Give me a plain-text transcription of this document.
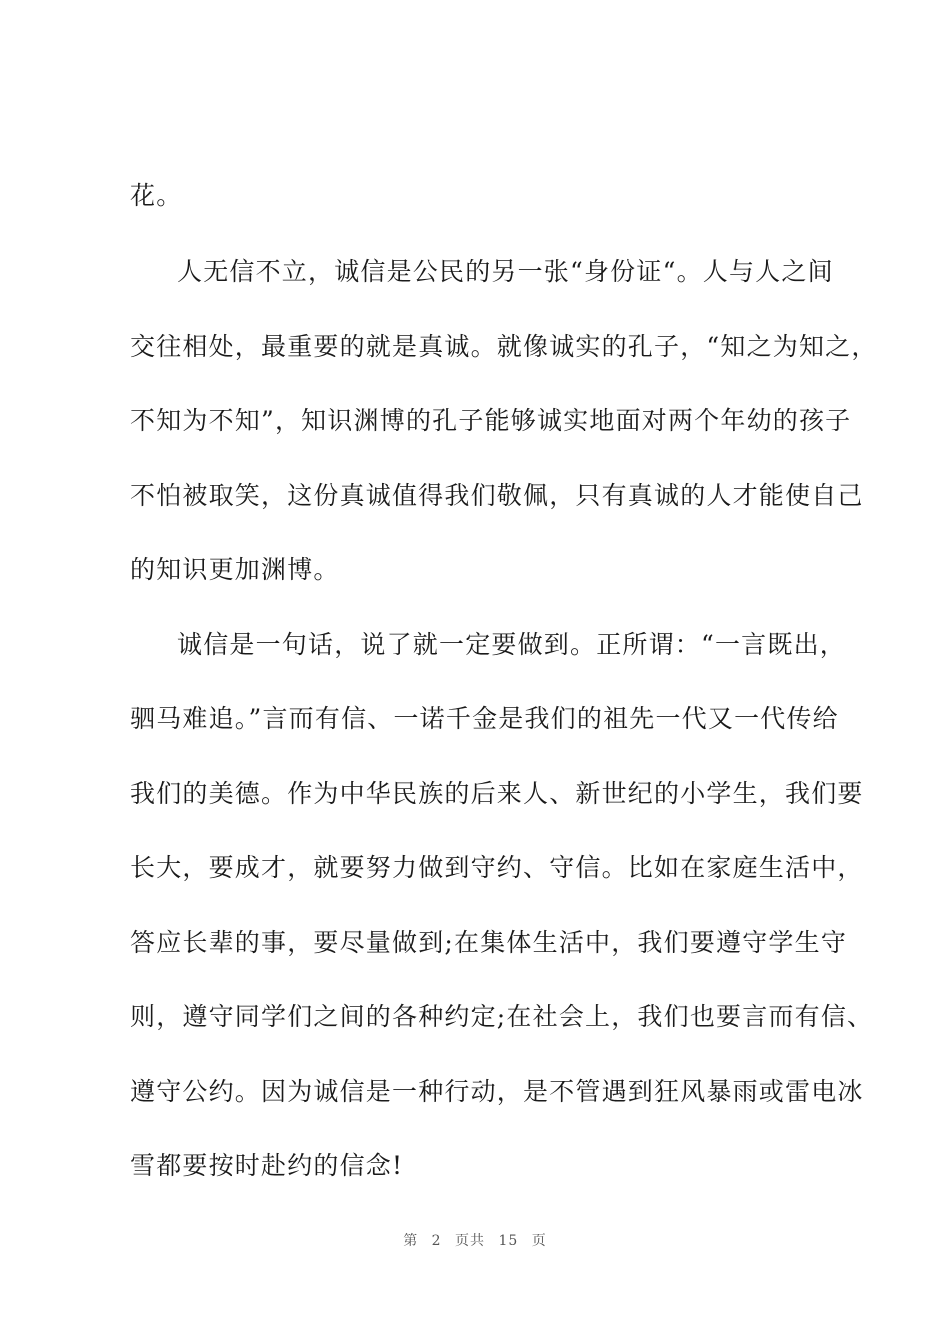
花。
人无信不立，诚信是公民的另一张“身份证“。人与人之间
交往相处，最重要的就是真诚。就像诚实的孔子，“知之为知之，
不知为不知”，知识渊博的孔子能够诚实地面对两个年幼的孩子
不怕被取笑，这份真诚值得我们敬佩，只有真诚的人才能使自己
的知识更加渊博。
诚信是一句话，说了就一定要做到。正所谓：“一言既出，
驷马难追。”言而有信、一诺千金是我们的祖先一代又一代传给
我们的美德。作为中华民族的后来人、新世纪的小学生，我们要
长大，要成才，就要努力做到守约、守信。比如在家庭生活中，
答应长辈的事，要尽量做到;在集体生活中，我们要遵守学生守
则，遵守同学们之间的各种约定;在社会上，我们也要言而有信、
遵守公约。因为诚信是一种行动，是不管遇到狂风暴雨或雷电冰
雪都要按时赴约的信念!
第 2 页共 15 页
